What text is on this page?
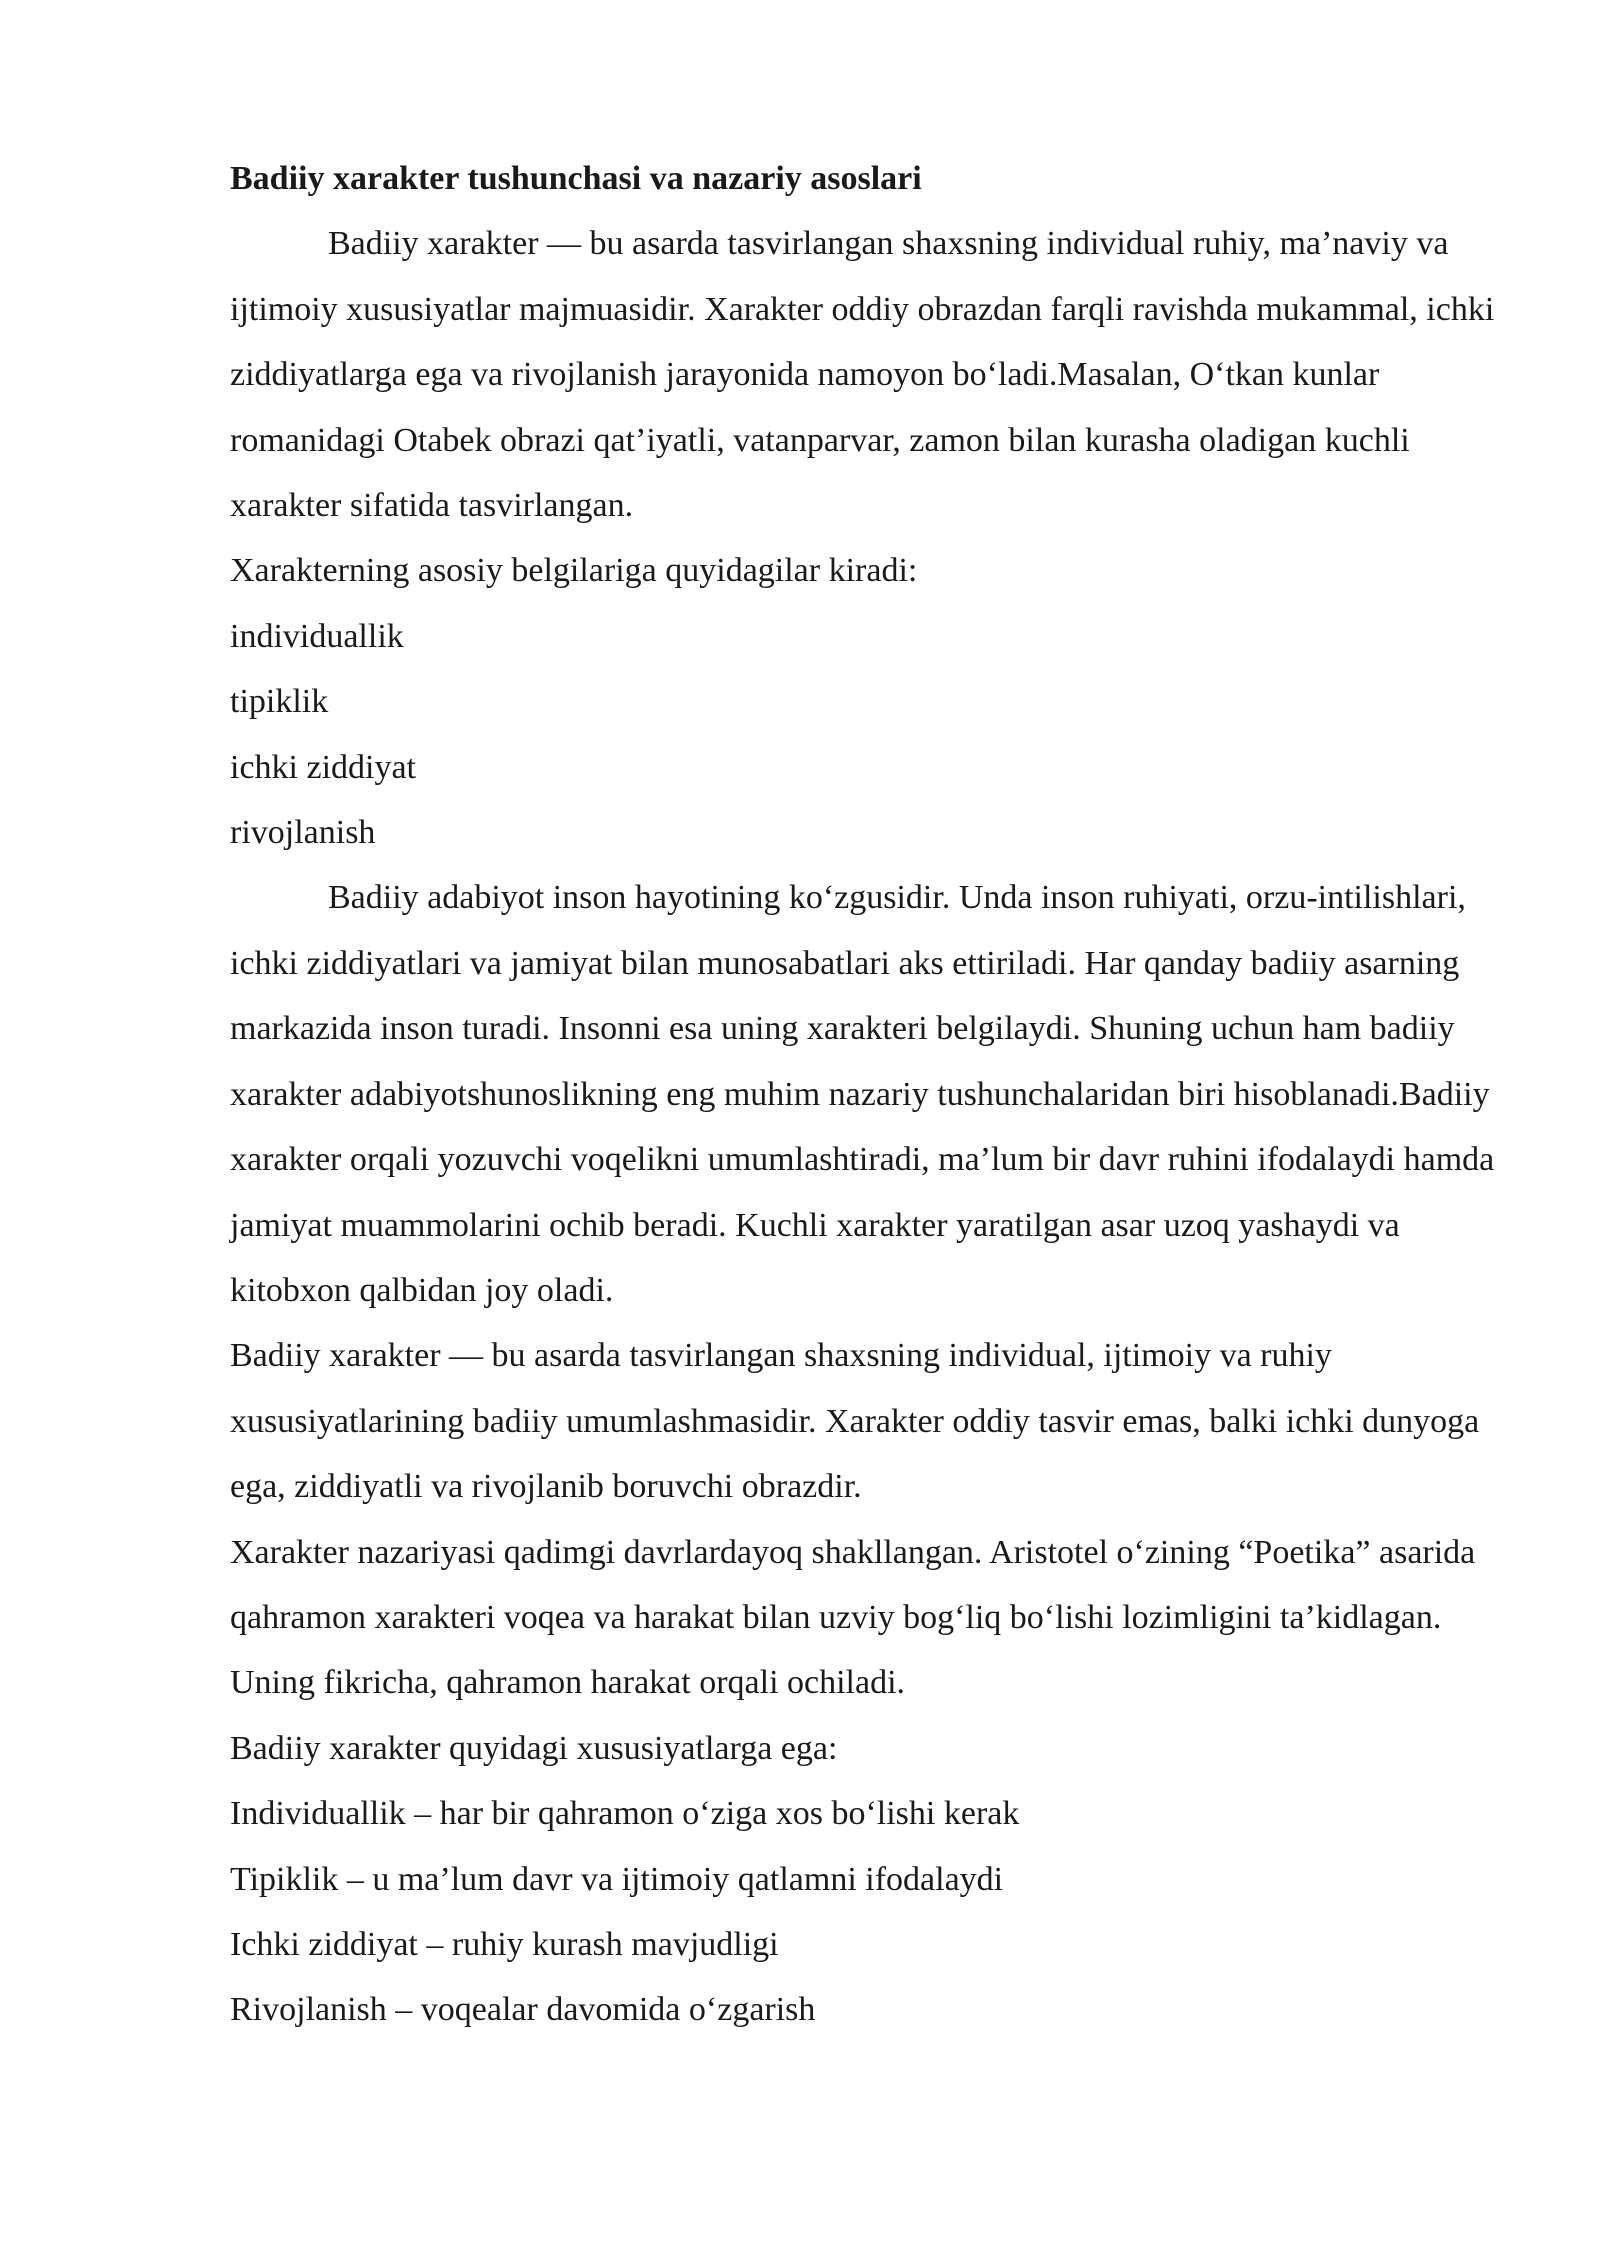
Badiiy xarakter tushunchasi va nazariy asoslari

Badiiy xarakter — bu asarda tasvirlangan shaxsning individual ruhiy, ma’naviy va ijtimoiy xususiyatlar majmuasidir. Xarakter oddiy obrazdan farqli ravishda mukammal, ichki ziddiyatlarga ega va rivojlanish jarayonida namoyon bo‘ladi.Masalan, O‘tkan kunlar romanidagi Otabek obrazi qat’iyatli, vatanparvar, zamon bilan kurasha oladigan kuchli xarakter sifatida tasvirlangan.

Xarakterning asosiy belgilariga quyidagilar kiradi:

individuallik

tipiklik

ichki ziddiyat

rivojlanish

Badiiy adabiyot inson hayotining ko‘zgusidir. Unda inson ruhiyati, orzu-intilishlari, ichki ziddiyatlari va jamiyat bilan munosabatlari aks ettiriladi. Har qanday badiiy asarning markazida inson turadi. Insonni esa uning xarakteri belgilaydi. Shuning uchun ham badiiy xarakter adabiyotshunoslikning eng muhim nazariy tushunchalaridan biri hisoblanadi.Badiiy xarakter orqali yozuvchi voqelikni umumlashtiradi, ma’lum bir davr ruhini ifodalaydi hamda jamiyat muammolarini ochib beradi. Kuchli xarakter yaratilgan asar uzoq yashaydi va kitobxon qalbidan joy oladi.

Badiiy xarakter — bu asarda tasvirlangan shaxsning individual, ijtimoiy va ruhiy xususiyatlarining badiiy umumlashmasidir. Xarakter oddiy tasvir emas, balki ichki dunyoga ega, ziddiyatli va rivojlanib boruvchi obrazdir.

Xarakter nazariyasi qadimgi davrlardayoq shakllangan. Aristotel o‘zining “Poetika” asarida qahramon xarakteri voqea va harakat bilan uzviy bog‘liq bo‘lishi lozimligini ta’kidlagan. Uning fikricha, qahramon harakat orqali ochiladi.

Badiiy xarakter quyidagi xususiyatlarga ega:

Individuallik – har bir qahramon o‘ziga xos bo‘lishi kerak

Tipiklik – u ma’lum davr va ijtimoiy qatlamni ifodalaydi

Ichki ziddiyat – ruhiy kurash mavjudligi

Rivojlanish – voqealar davomida o‘zgarish
